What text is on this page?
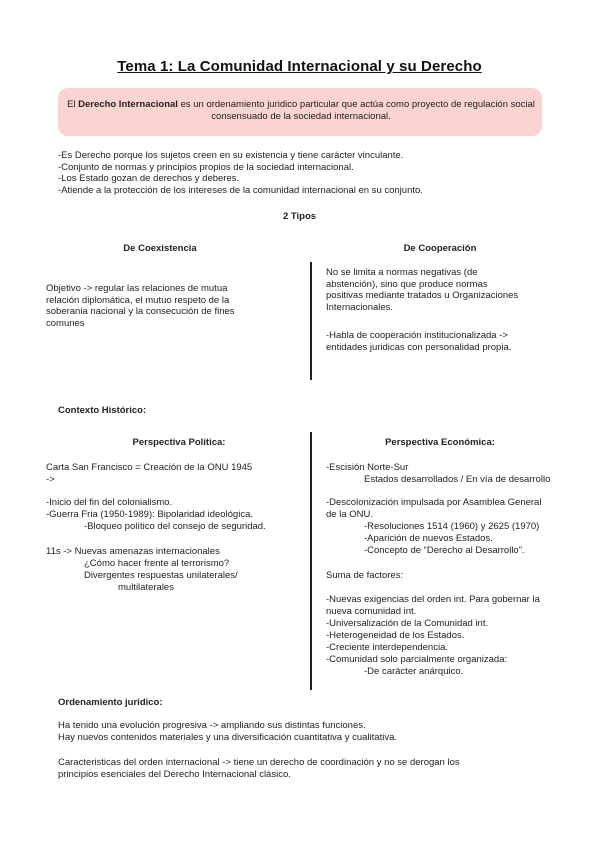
Tema 1: La Comunidad Internacional y su Derecho
El Derecho Internacional es un ordenamiento juridico particular que actúa como proyecto de regulación social consensuado de la sociedad internacional.
-Es Derecho porque los sujetos creen en su existencia y tiene carácter vinculante.
-Conjunto de normas y principios propios de la sociedad internacional.
-Los Estado gozan de derechos y deberes.
-Atiende a la protección de los intereses de la comunidad internacional en su conjunto.
2 Tipos
De Coexistencia	De Cooperación
Objetivo -> regular las relaciones de mutua
relación diplomática, el mutuo respeto de la
soberania nacional y la consecución de fines
comunes
No se limita a normas negativas (de
abstención), sino que produce normas
positivas mediante tratados u Organizaciones
Internacionales.
-Habla de cooperación institucionalizada ->
entidades juridicas con personalidad propia.
Contexto Histórico:
Perspectiva Política:	Perspectiva Económica:
Carta San Francisco = Creación de la ONU 1945
->
-Inicio del fin del colonialismo.
-Guerra Fria (1950-1989): Bipolaridad ideológica.
-Bloqueo político del consejo de seguridad.
11s -> Nuevas amenazas internacionales
¿Cómo hacer frente al terrorismo?
Divergentes respuestas unilaterales/
multilaterales
-Escisión Norte-Sur
Estados desarrollados / En vía de desarrollo
-Descolonización impulsada por Asamblea General
de la ONU.
-Resoluciones 1514 (1960) y 2625 (1970)
-Aparición de nuevos Estados.
-Concepto de “Derecho al Desarrollo”.
Suma de factores:
-Nuevas exigencias del orden int. Para gobernar la
nueva comunidad int.
-Universalización de la Comunidad int.
-Heterogeneidad de los Estados.
-Creciente interdependencia.
-Comunidad solo parcialmente organizada:
-De carácter anárquico.
Ordenamiento jurídico:
Ha tenido una evolución progresiva -> ampliando sus distintas funciones.
Hay nuevos contenidos materiales y una diversificación cuantitativa y cualitativa.
Caracteristicas del orden internacional -> tiene un derecho de coordinación y no se derogan los
principios esenciales del Derecho Internacional clásico.
